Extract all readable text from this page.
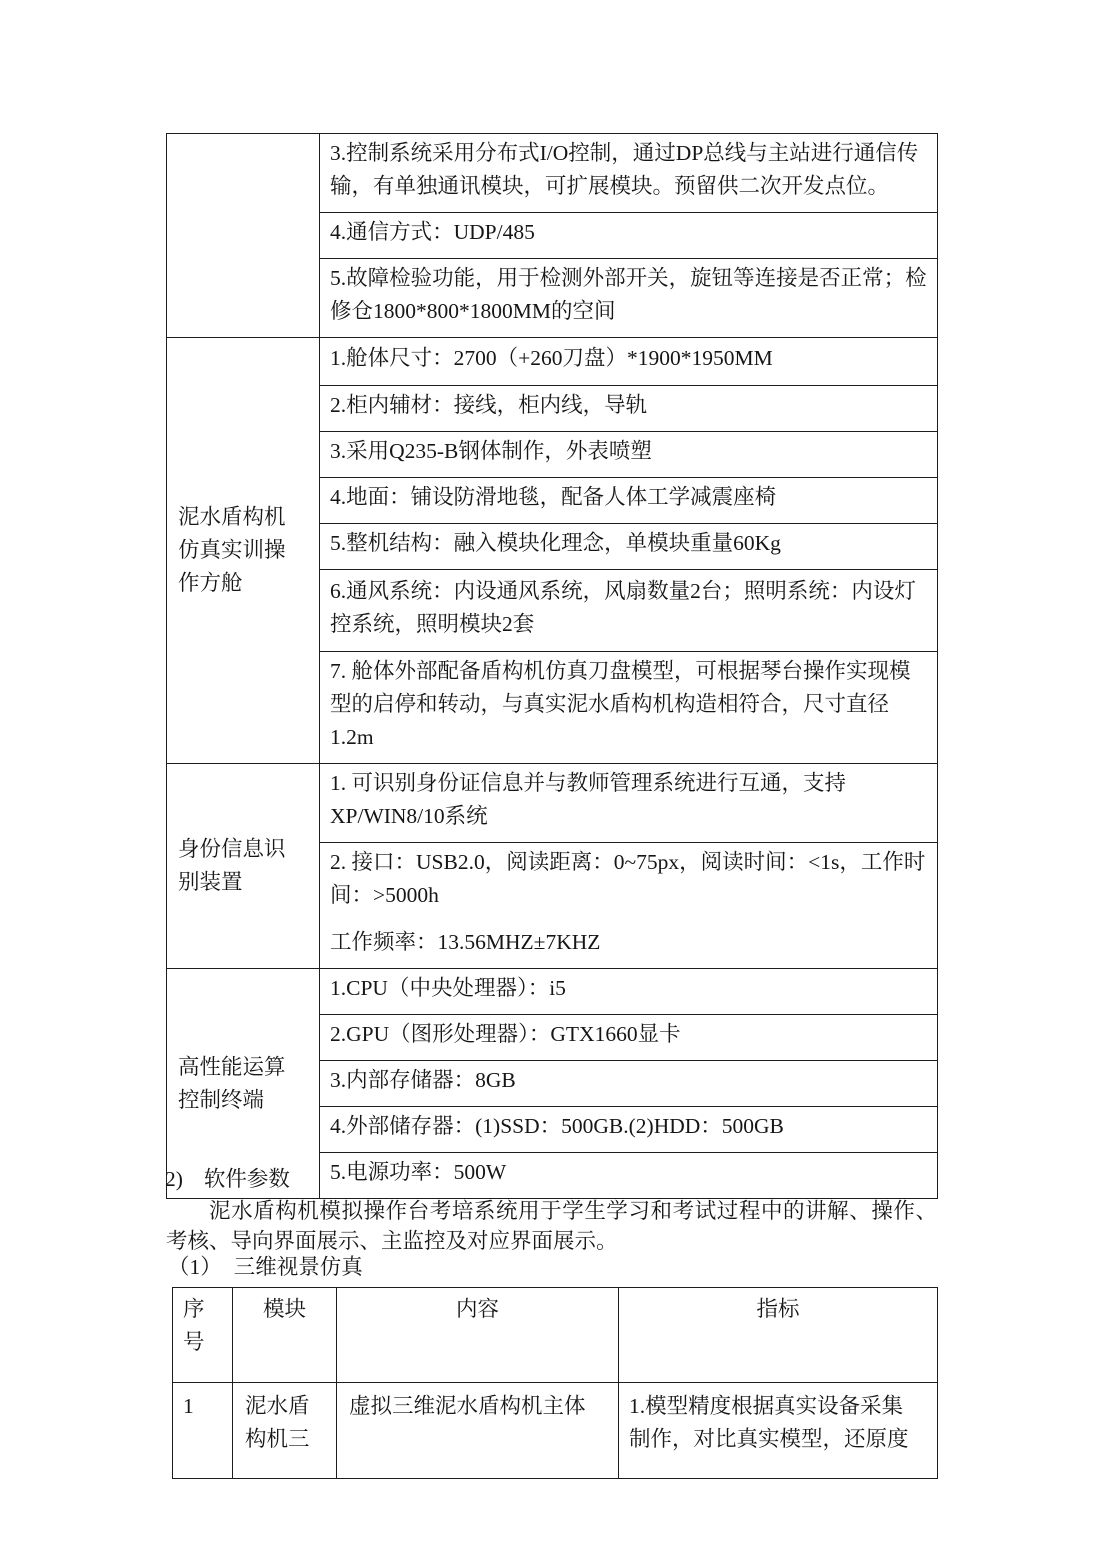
	3.控制系统采用分布式I/O控制，通过DP总线与主站进行通信传输，有单独通讯模块，可扩展模块。预留供二次开发点位。
	4.通信方式：UDP/485
	5.故障检验功能，用于检测外部开关，旋钮等连接是否正常；检修仓1800*800*1800MM的空间
泥水盾构机仿真实训操作方舱	1.舱体尺寸：2700（+260刀盘）*1900*1950MM
	2.柜内辅材：接线，柜内线，导轨
	3.采用Q235-B钢体制作，外表喷塑
	4.地面：铺设防滑地毯，配备人体工学减震座椅
	5.整机结构：融入模块化理念，单模块重量60Kg
	6.通风系统：内设通风系统，风扇数量2台；照明系统：内设灯控系统，照明模块2套
	7. 舱体外部配备盾构机仿真刀盘模型，可根据琴台操作实现模型的启停和转动，与真实泥水盾构机构造相符合，尺寸直径1.2m
身份信息识别装置	1. 可识别身份证信息并与教师管理系统进行互通，支持XP/WIN8/10系统

	2. 接口：USB2.0，阅读距离：0~75px，阅读时间：<1s，工作时间：>5000h
工作频率：13.56MHZ±7KHZ

高性能运算控制终端	1.CPU（中央处理器）：i5
	2.GPU（图形处理器）：GTX1660显卡
	3.内部存储器：8GB
	4.外部储存器：(1)SSD：500GB.(2)HDD：500GB
	5.电源功率：500W
2) 软件参数
泥水盾构机模拟操作台考培系统用于学生学习和考试过程中的讲解、操作、考核、导向界面展示、主监控及对应界面展示。
（1） 三维视景仿真
序号	模块	内容	指标
1	泥水盾构机三	虚拟三维泥水盾构机主体	1.模型精度根据真实设备采集制作，对比真实模型，还原度
